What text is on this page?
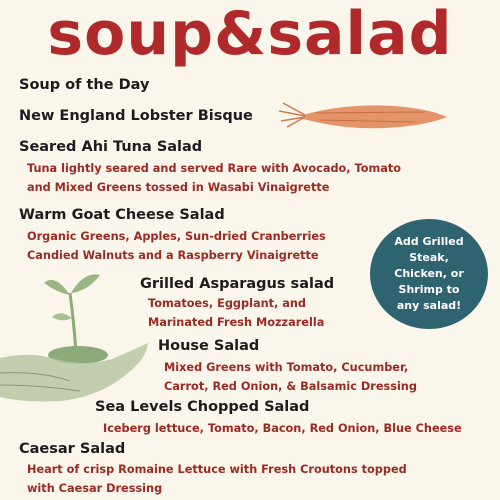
soup&salad
Soup of the Day
New England Lobster Bisque
Seared Ahi Tuna Salad
Tuna lightly seared and served Rare with Avocado, Tomato
and Mixed Greens tossed in Wasabi Vinaigrette
Warm Goat Cheese Salad
Organic Greens, Apples, Sun-dried Cranberries
Candied Walnuts and a Raspberry Vinaigrette
Grilled Asparagus salad
Tomatoes, Eggplant, and
Marinated Fresh Mozzarella
House Salad
Mixed Greens with Tomato, Cucumber,
Carrot, Red Onion, & Balsamic Dressing
Sea Levels Chopped Salad
Iceberg lettuce, Tomato, Bacon, Red Onion, Blue Cheese
Caesar Salad
Heart of crisp Romaine Lettuce with Fresh Croutons topped
with Caesar Dressing
Add Grilled Steak, Chicken, or Shrimp to any salad!
